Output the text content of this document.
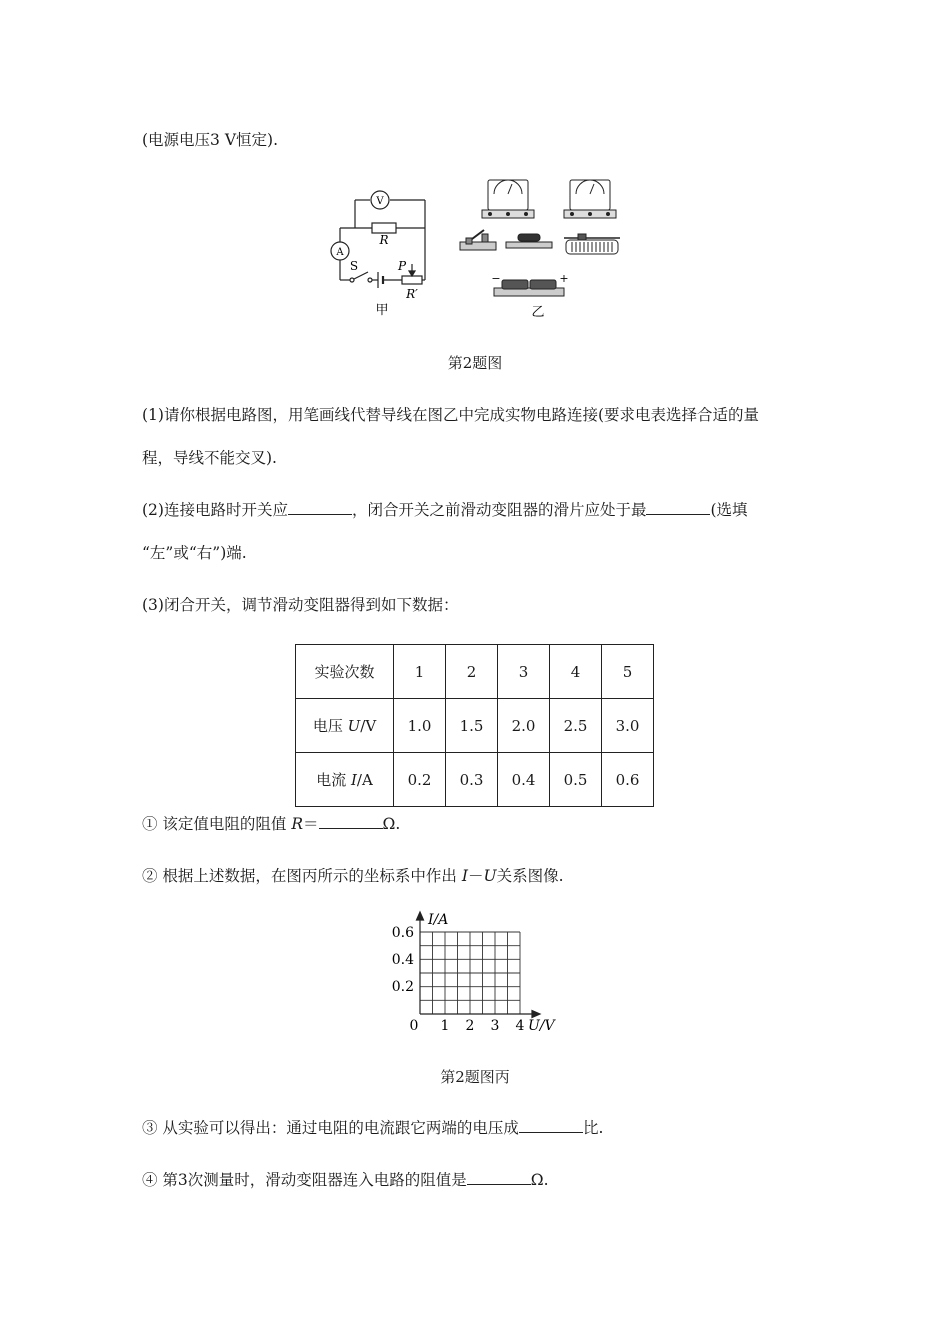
(电源电压3 V恒定).
V
A
R
S	P
R′
甲
−	+
乙
第2题图
(1)请你根据电路图，用笔画线代替导线在图乙中完成实物电路连接(要求电表选择合适的量
程，导线不能交叉).
(2)连接电路时开关应	，闭合开关之前滑动变阻器的滑片应处于最	(选填
“左”或“右”)端.
(3)闭合开关，调节滑动变阻器得到如下数据：
实验次数	1	2	3	4	5
电压 U/V	1.0	1.5	2.0	2.5	3.0
电流 I/A	0.2	0.3	0.4	0.5	0.6
① 该定值电阻的阻值 R＝	Ω.
② 根据上述数据，在图丙所示的坐标系中作出 I－U关系图像.
I/A
0.6
0.4
0.2
0 1 2 3 4 U/V
第2题图丙
③ 从实验可以得出：通过电阻的电流跟它两端的电压成	比.
④ 第3次测量时，滑动变阻器连入电路的阻值是	Ω.
